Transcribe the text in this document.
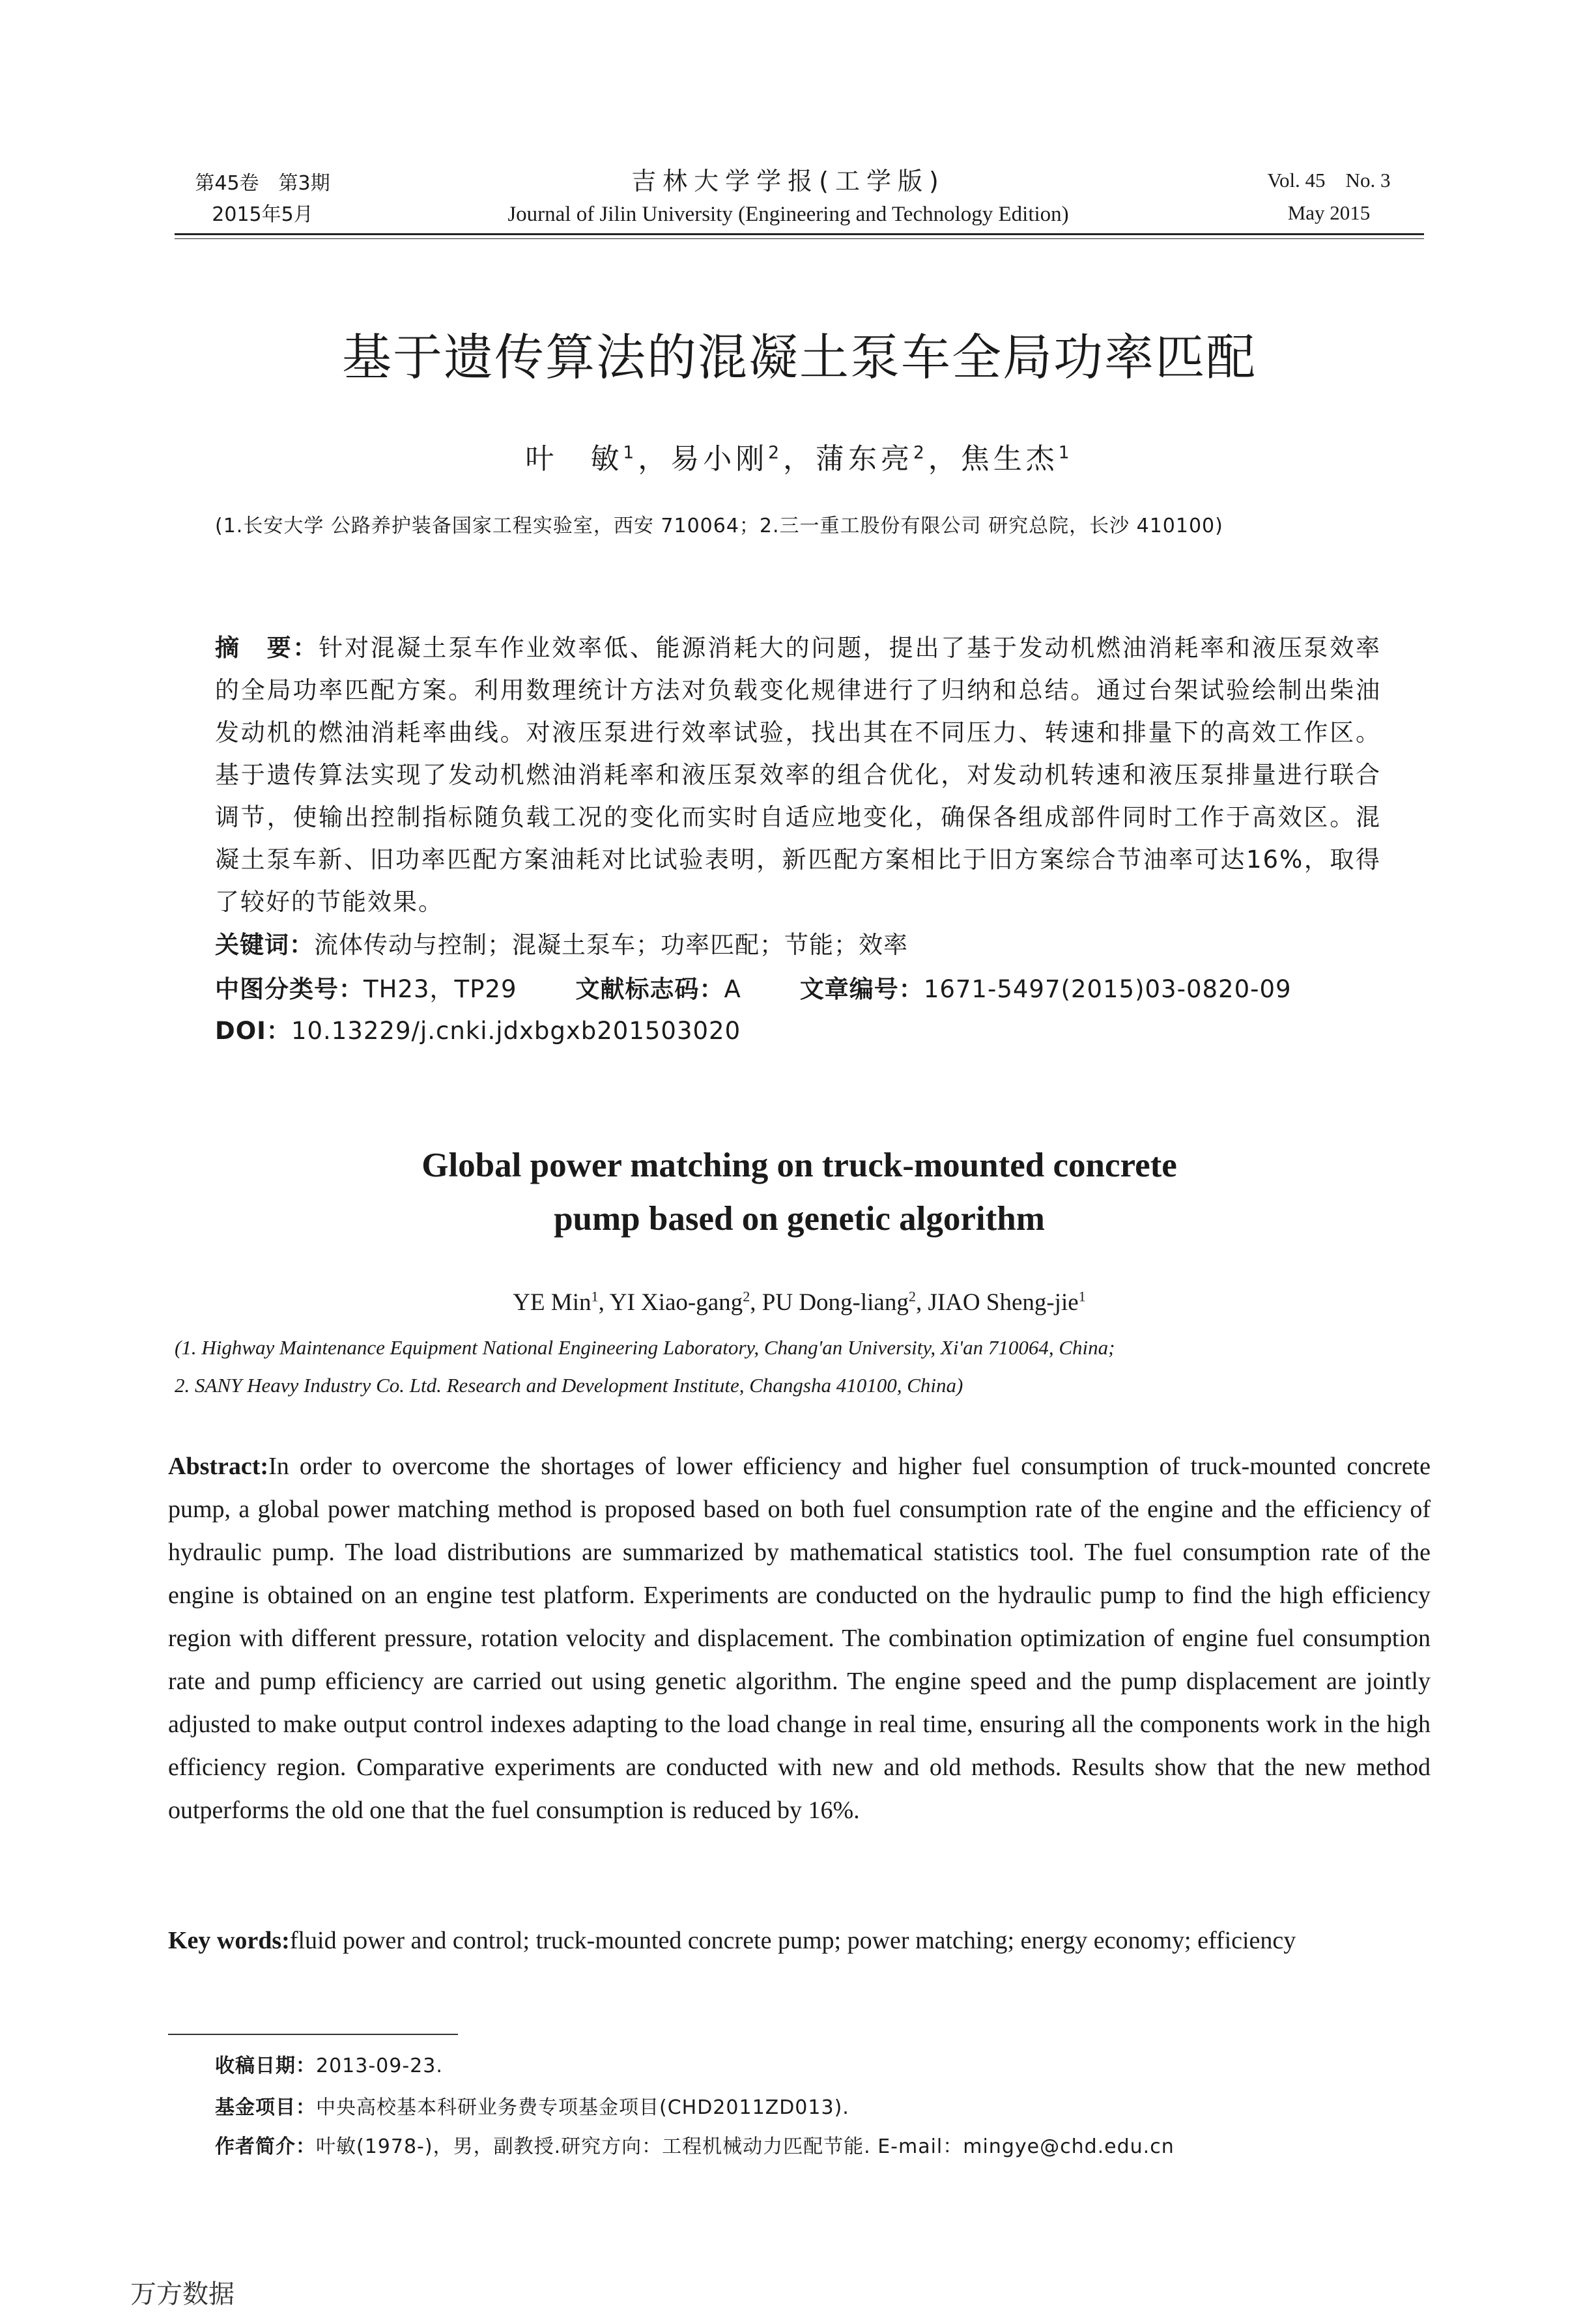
第45卷　第3期
2015年5月
吉林大学学报(工学版)
Journal of Jilin University (Engineering and Technology Edition)
Vol. 45　No. 3
May 2015
基于遗传算法的混凝土泵车全局功率匹配
叶　敏$^1$，易小刚$^2$，蒲东亮$^2$，焦生杰$^1$
(1.长安大学 公路养护装备国家工程实验室，西安 710064；2.三一重工股份有限公司 研究总院，长沙 410100)
摘　要：针对混凝土泵车作业效率低、能源消耗大的问题，提出了基于发动机燃油消耗率和液压泵效率的全局功率匹配方案。利用数理统计方法对负载变化规律进行了归纳和总结。通过台架试验绘制出柴油发动机的燃油消耗率曲线。对液压泵进行效率试验，找出其在不同压力、转速和排量下的高效工作区。基于遗传算法实现了发动机燃油消耗率和液压泵效率的组合优化，对发动机转速和液压泵排量进行联合调节，使输出控制指标随负载工况的变化而实时自适应地变化，确保各组成部件同时工作于高效区。混凝土泵车新、旧功率匹配方案油耗对比试验表明，新匹配方案相比于旧方案综合节油率可达16%，取得了较好的节能效果。
关键词：流体传动与控制；混凝土泵车；功率匹配；节能；效率
中图分类号：TH23，TP29 文献标志码：A 文章编号：1671-5497(2015)03-0820-09
DOI：10.13229/j.cnki.jdxbgxb201503020
Global power matching on truck-mounted concrete
pump based on genetic algorithm
YE Min$^1$, YI Xiao-gang$^2$, PU Dong-liang$^2$, JIAO Sheng-jie$^1$
(1. Highway Maintenance Equipment National Engineering Laboratory, Chang'an University, Xi'an 710064, China;
2. SANY Heavy Industry Co. Ltd. Research and Development Institute, Changsha 410100, China)
Abstract:In order to overcome the shortages of lower efficiency and higher fuel consumption of truck-mounted concrete pump, a global power matching method is proposed based on both fuel consumption rate of the engine and the efficiency of hydraulic pump. The load distributions are summarized by mathematical statistics tool. The fuel consumption rate of the engine is obtained on an engine test platform. Experiments are conducted on the hydraulic pump to find the high efficiency region with different pressure, rotation velocity and displacement. The combination optimization of engine fuel consumption rate and pump efficiency are carried out using genetic algorithm. The engine speed and the pump displacement are jointly adjusted to make output control indexes adapting to the load change in real time, ensuring all the components work in the high efficiency region. Comparative experiments are conducted with new and old methods. Results show that the new method outperforms the old one that the fuel consumption is reduced by 16%.
Key words:fluid power and control; truck-mounted concrete pump; power matching; energy economy; efficiency
收稿日期：2013-09-23.
基金项目：中央高校基本科研业务费专项基金项目(CHD2011ZD013).
作者简介：叶敏(1978-)，男，副教授.研究方向：工程机械动力匹配节能. E-mail：mingye@chd.edu.cn
万方数据
